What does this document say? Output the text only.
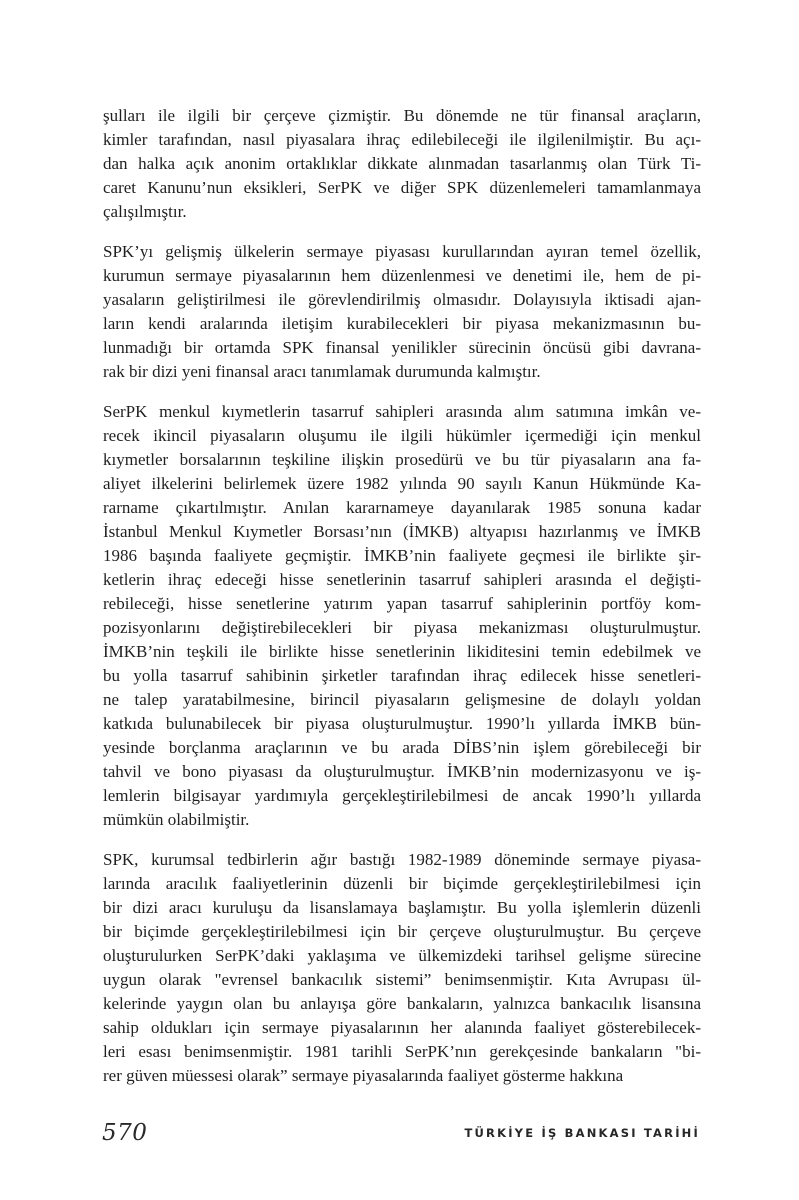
şulları ile ilgili bir çerçeve çizmiştir. Bu dönemde ne tür finansal araçların,
kimler tarafından, nasıl piyasalara ihraç edilebileceği ile ilgilenilmiştir. Bu açı-
dan halka açık anonim ortaklıklar dikkate alınmadan tasarlanmış olan Türk Ti-
caret Kanunu’nun eksikleri, SerPK ve diğer SPK düzenlemeleri tamamlanmaya
çalışılmıştır.
SPK’yı gelişmiş ülkelerin sermaye piyasası kurullarından ayıran temel özellik,
kurumun sermaye piyasalarının hem düzenlenmesi ve denetimi ile, hem de pi-
yasaların geliştirilmesi ile görevlendirilmiş olmasıdır. Dolayısıyla iktisadi ajan-
ların kendi aralarında iletişim kurabilecekleri bir piyasa mekanizmasının bu-
lunmadığı bir ortamda SPK finansal yenilikler sürecinin öncüsü gibi davrana-
rak bir dizi yeni finansal aracı tanımlamak durumunda kalmıştır.
SerPK menkul kıymetlerin tasarruf sahipleri arasında alım satımına imkân ve-
recek ikincil piyasaların oluşumu ile ilgili hükümler içermediği için menkul
kıymetler borsalarının teşkiline ilişkin prosedürü ve bu tür piyasaların ana fa-
aliyet ilkelerini belirlemek üzere 1982 yılında 90 sayılı Kanun Hükmünde Ka-
rarname çıkartılmıştır. Anılan kararnameye dayanılarak 1985 sonuna kadar
İstanbul Menkul Kıymetler Borsası’nın (İMKB) altyapısı hazırlanmış ve İMKB
1986 başında faaliyete geçmiştir. İMKB’nin faaliyete geçmesi ile birlikte şir-
ketlerin ihraç edeceği hisse senetlerinin tasarruf sahipleri arasında el değişti-
rebileceği, hisse senetlerine yatırım yapan tasarruf sahiplerinin portföy kom-
pozisyonlarını değiştirebilecekleri bir piyasa mekanizması oluşturulmuştur.
İMKB’nin teşkili ile birlikte hisse senetlerinin likiditesini temin edebilmek ve
bu yolla tasarruf sahibinin şirketler tarafından ihraç edilecek hisse senetleri-
ne talep yaratabilmesine, birincil piyasaların gelişmesine de dolaylı yoldan
katkıda bulunabilecek bir piyasa oluşturulmuştur. 1990’lı yıllarda İMKB bün-
yesinde borçlanma araçlarının ve bu arada DİBS’nin işlem görebileceği bir
tahvil ve bono piyasası da oluşturulmuştur. İMKB’nin modernizasyonu ve iş-
lemlerin bilgisayar yardımıyla gerçekleştirilebilmesi de ancak 1990’lı yıllarda
mümkün olabilmiştir.
SPK, kurumsal tedbirlerin ağır bastığı 1982-1989 döneminde sermaye piyasa-
larında aracılık faaliyetlerinin düzenli bir biçimde gerçekleştirilebilmesi için
bir dizi aracı kuruluşu da lisanslamaya başlamıştır. Bu yolla işlemlerin düzenli
bir biçimde gerçekleştirilebilmesi için bir çerçeve oluşturulmuştur. Bu çerçeve
oluşturulurken SerPK’daki yaklaşıma ve ülkemizdeki tarihsel gelişme sürecine
uygun olarak "evrensel bankacılık sistemi” benimsenmiştir. Kıta Avrupası ül-
kelerinde yaygın olan bu anlayışa göre bankaların, yalnızca bankacılık lisansına
sahip oldukları için sermaye piyasalarının her alanında faaliyet gösterebilecek-
leri esası benimsenmiştir. 1981 tarihli SerPK’nın gerekçesinde bankaların "bi-
rer güven müessesi olarak” sermaye piyasalarında faaliyet gösterme hakkına
570	TÜRKİYE İŞ BANKASI TARİHİ
